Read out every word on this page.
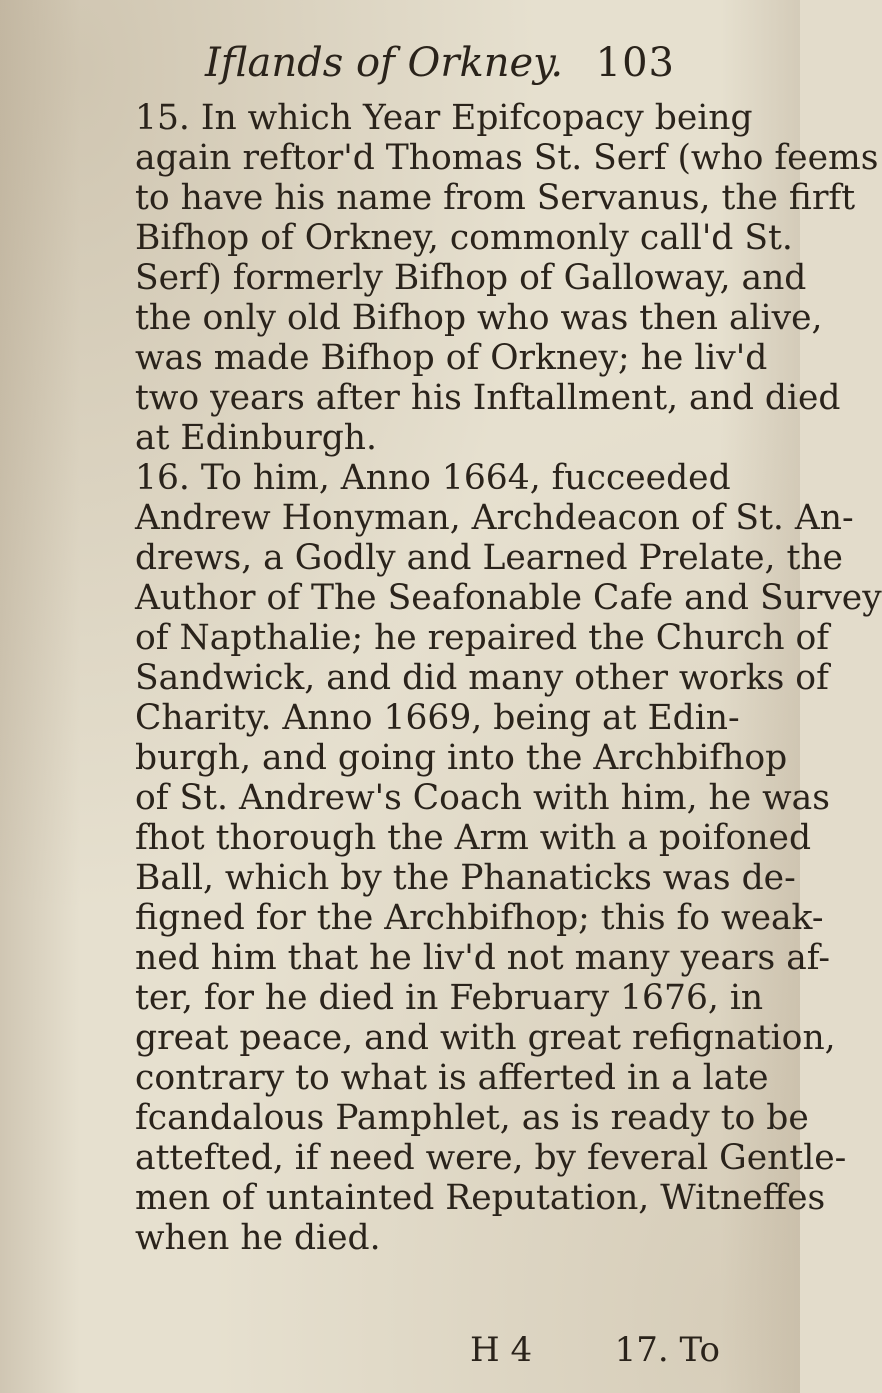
Iflands of Orkney. 103
15. In which Year Epifcopacy being
again reftor'd Thomas St. Serf (who feems
to have his name from Servanus, the firft
Bifhop of Orkney, commonly call'd St.
Serf) formerly Bifhop of Galloway, and
the only old Bifhop who was then alive,
was made Bifhop of Orkney; he liv'd
two years after his Inftallment, and died
at Edinburgh.
16. To him, Anno 1664, fucceeded
Andrew Honyman, Archdeacon of St. An-
drews, a Godly and Learned Prelate, the
Author of The Seafonable Cafe and Survey
of Napthalie; he repaired the Church of
Sandwick, and did many other works of
Charity. Anno 1669, being at Edin-
burgh, and going into the Archbifhop
of St. Andrew's Coach with him, he was
fhot thorough the Arm with a poifoned
Ball, which by the Phanaticks was de-
figned for the Archbifhop; this fo weak-
ned him that he liv'd not many years af-
ter, for he died in February 1676, in
great peace, and with great refignation,
contrary to what is afferted in a late
fcandalous Pamphlet, as is ready to be
attefted, if need were, by feveral Gentle-
men of untainted Reputation, Witneffes
when he died.
H 4 17. To
